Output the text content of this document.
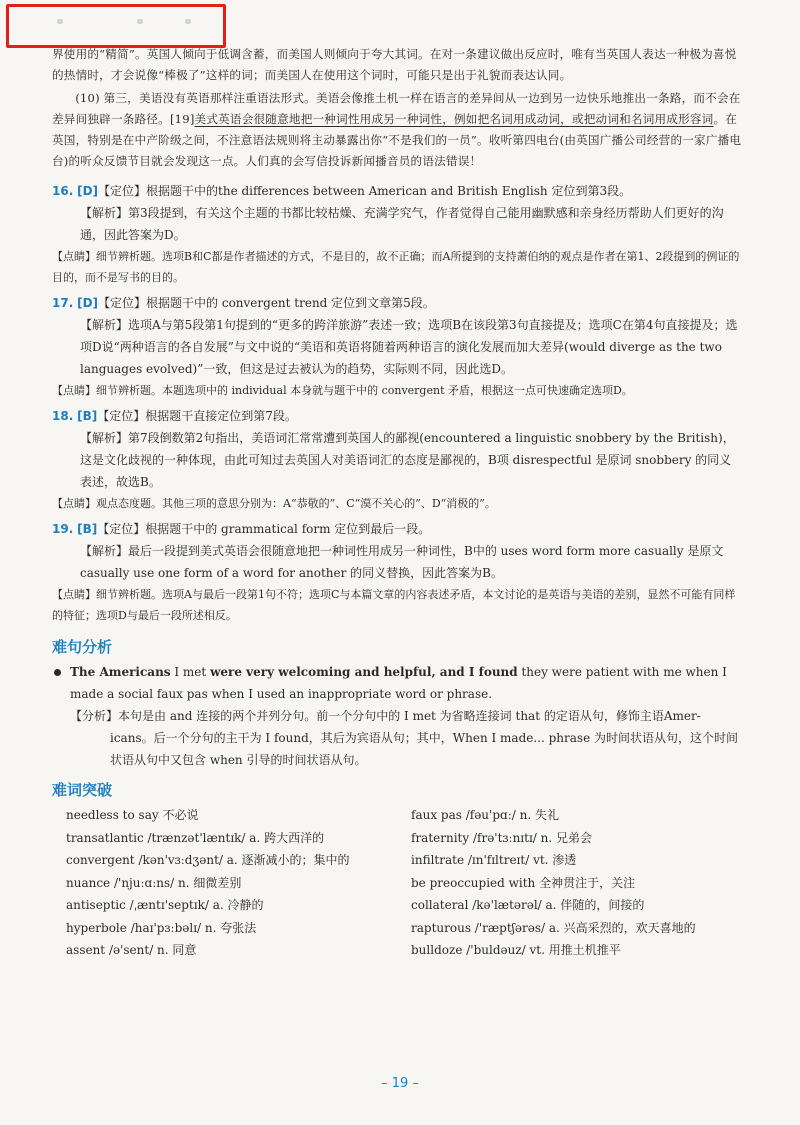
界使用的“精简”。英国人倾向于低调含蓄，而美国人则倾向于夸大其词。在对一条建议做出反应时，唯有当英国人表达一种极为喜悦的热情时，才会说像“棒极了”这样的词；而美国人在使用这个词时，可能只是出于礼貌而表达认同。

(10) 第三，美语没有英语那样注重语法形式。美语会像推土机一样在语言的差异间从一边到另一边快乐地推出一条路，而不会在差异间独辟一条路径。[19]美式英语会很随意地把一种词性用成另一种词性，例如把名词用成动词，或把动词和名词用成形容词。在英国，特别是在中产阶级之间，不注意语法规则将主动暴露出你“不是我们的一员”。收听第四电台(由英国广播公司经营的一家广播电台)的听众反馈节目就会发现这一点。人们真的会写信投诉新闻播音员的语法错误！

16. [D]【定位】根据题干中的the differences between American and British English 定位到第3段。

【解析】第3段提到，有关这个主题的书都比较枯燥、充满学究气，作者觉得自己能用幽默感和亲身经历帮助人们更好的沟通，因此答案为D。

【点睛】细节辨析题。选项B和C都是作者描述的方式，不是目的，故不正确；而A所提到的支持萧伯纳的观点是作者在第1、2段提到的例证的目的，而不是写书的目的。

17. [D]【定位】根据题干中的 convergent trend 定位到文章第5段。

【解析】选项A与第5段第1句提到的“更多的跨洋旅游”表述一致；选项B在该段第3句直接提及；选项C在第4句直接提及；选项D说“两种语言的各自发展”与文中说的“美语和英语将随着两种语言的演化发展而加大差异(would diverge as the two languages evolved)”一致，但这是过去被认为的趋势，实际则不同，因此选D。

【点睛】细节辨析题。本题选项中的 individual 本身就与题干中的 convergent 矛盾，根据这一点可快速确定选项D。

18. [B]【定位】根据题干直接定位到第7段。

【解析】第7段倒数第2句指出，美语词汇常常遭到英国人的鄙视(encountered a linguistic snobbery by the British)，这是文化歧视的一种体现，由此可知过去英国人对美语词汇的态度是鄙视的，B项 disrespectful 是原词 snobbery 的同义表述，故选B。

【点睛】观点态度题。其他三项的意思分别为：A“恭敬的”、C“漠不关心的”、D“消极的”。

19. [B]【定位】根据题干中的 grammatical form 定位到最后一段。

【解析】最后一段提到美式英语会很随意地把一种词性用成另一种词性，B中的 uses word form more casually 是原文 casually use one form of a word for another 的同义替换，因此答案为B。

【点睛】细节辨析题。选项A与最后一段第1句不符；选项C与本篇文章的内容表述矛盾，本文讨论的是英语与美语的差别，显然不可能有同样的特征；选项D与最后一段所述相反。

难句分析

The Americans I met were very welcoming and helpful, and I found they were patient with me when I made a social faux pas when I used an inappropriate word or phrase.

【分析】本句是由 and 连接的两个并列分句。前一个分句中的 I met 为省略连接词 that 的定语从句，修饰主语Amer-
icans。后一个分句的主干为 I found，其后为宾语从句；其中，When I made... phrase 为时间状语从句，这个时间状语从句中又包含 when 引导的时间状语从句。

难词突破
needless to say 不必说	faux pas /fəu'pɑː/ n. 失礼
transatlantic /trænzət'læntɪk/ a. 跨大西洋的	fraternity /frə'tɜːnɪtɪ/ n. 兄弟会
convergent /kən'vɜːdʒənt/ a. 逐渐减小的；集中的	infiltrate /ɪn'fɪltreɪt/ vt. 渗透
nuance /'njuːɑːns/ n. 细微差别	be preoccupied with 全神贯注于，关注
antiseptic /ˌæntɪ'septɪk/ a. 冷静的	collateral /kə'lætərəl/ a. 伴随的，间接的
hyperbole /haɪ'pɜːbəlɪ/ n. 夸张法	rapturous /'ræptʃərəs/ a. 兴高采烈的，欢天喜地的
assent /ə'sent/ n. 同意	bulldoze /'buldəuz/ vt. 用推土机推平
– 19 –
